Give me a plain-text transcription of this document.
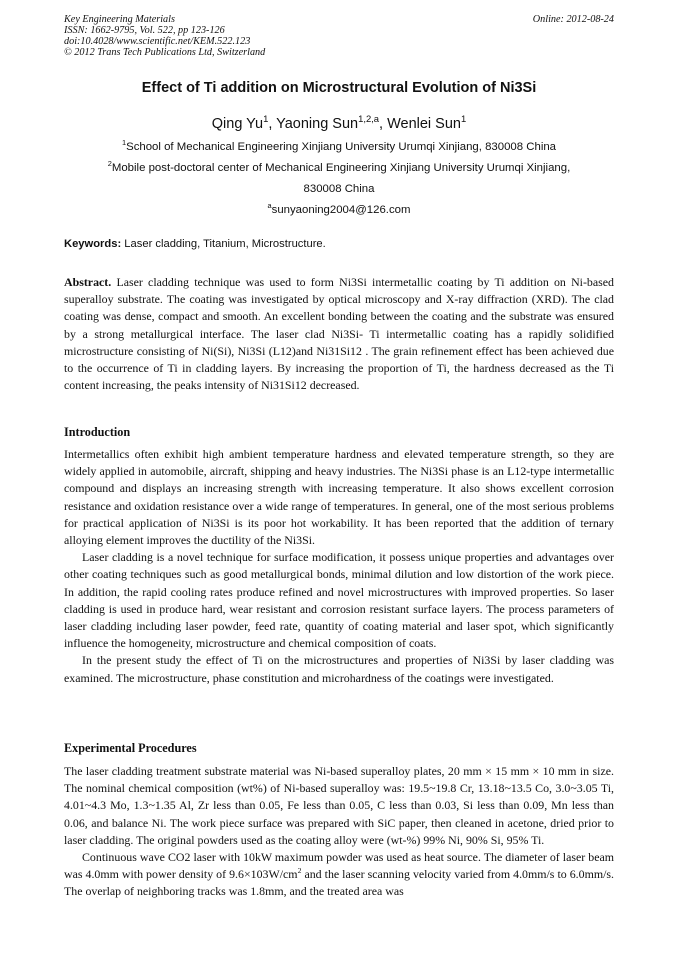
Key Engineering Materials
ISSN: 1662-9795, Vol. 522, pp 123-126
doi:10.4028/www.scientific.net/KEM.522.123
© 2012 Trans Tech Publications Ltd, Switzerland
Online: 2012-08-24
Effect of Ti addition on Microstructural Evolution of Ni3Si
Qing Yu$^1$, Yaoning Sun$^{1,2,a}$, Wenlei Sun$^1$
$^1$School of Mechanical Engineering Xinjiang University Urumqi Xinjiang, 830008 China
$^2$Mobile post-doctoral center of Mechanical Engineering Xinjiang University Urumqi Xinjiang,
830008 China
$^a$sunyaoning2004@126.com
Keywords: Laser cladding, Titanium, Microstructure.

Abstract. Laser cladding technique was used to form Ni3Si intermetallic coating by Ti addition on Ni-based superalloy substrate. The coating was investigated by optical microscopy and X-ray diffraction (XRD). The clad coating was dense, compact and smooth. An excellent bonding between the coating and the substrate was ensured by a strong metallurgical interface. The laser clad Ni3Si- Ti intermetallic coating has a rapidly solidified microstructure consisting of Ni(Si), Ni3Si (L12)and Ni31Si12 . The grain refinement effect has been achieved due to the occurrence of Ti in cladding layers. By increasing the proportion of Ti, the hardness decreased as the Ti content increasing, the peaks intensity of Ni31Si12 decreased.

Introduction

Intermetallics often exhibit high ambient temperature hardness and elevated temperature strength, so they are widely applied in automobile, aircraft, shipping and heavy industries. The Ni3Si phase is an L12-type intermetallic compound and displays an increasing strength with increasing temperature. It also shows excellent corrosion resistance and oxidation resistance over a wide range of temperatures. In general, one of the most serious problems for practical application of Ni3Si is its poor hot workability. It has been reported that the addition of ternary alloying element improves the ductility of the Ni3Si.

Laser cladding is a novel technique for surface modification, it possess unique properties and advantages over other coating techniques such as good metallurgical bonds, minimal dilution and low distortion of the work piece. In addition, the rapid cooling rates produce refined and novel microstructures with improved properties. So laser cladding is used in produce hard, wear resistant and corrosion resistant surface layers. The process parameters of laser cladding including laser powder, feed rate, quantity of coating material and laser spot, which significantly influence the homogeneity, microstructure and chemical composition of coats.

In the present study the effect of Ti on the microstructures and properties of Ni3Si by laser cladding was examined. The microstructure, phase constitution and microhardness of the coatings were investigated.

Experimental Procedures

The laser cladding treatment substrate material was Ni-based superalloy plates, 20 mm × 15 mm × 10 mm in size. The nominal chemical composition (wt%) of Ni-based superalloy was: 19.5~19.8 Cr, 13.18~13.5 Co, 3.0~3.05 Ti, 4.01~4.3 Mo, 1.3~1.35 Al, Zr less than 0.05, Fe less than 0.05, C less than 0.03, Si less than 0.09, Mn less than 0.06, and balance Ni. The work piece surface was prepared with SiC paper, then cleaned in acetone, dried prior to laser cladding. The original powders used as the coating alloy were (wt-%) 99% Ni, 90% Si, 95% Ti.

Continuous wave CO2 laser with 10kW maximum powder was used as heat source. The diameter of laser beam was 4.0mm with power density of $9.6\times 103W/cm^2$ and the laser scanning velocity varied from 4.0mm/s to 6.0mm/s. The overlap of neighboring tracks was 1.8mm, and the treated area was
